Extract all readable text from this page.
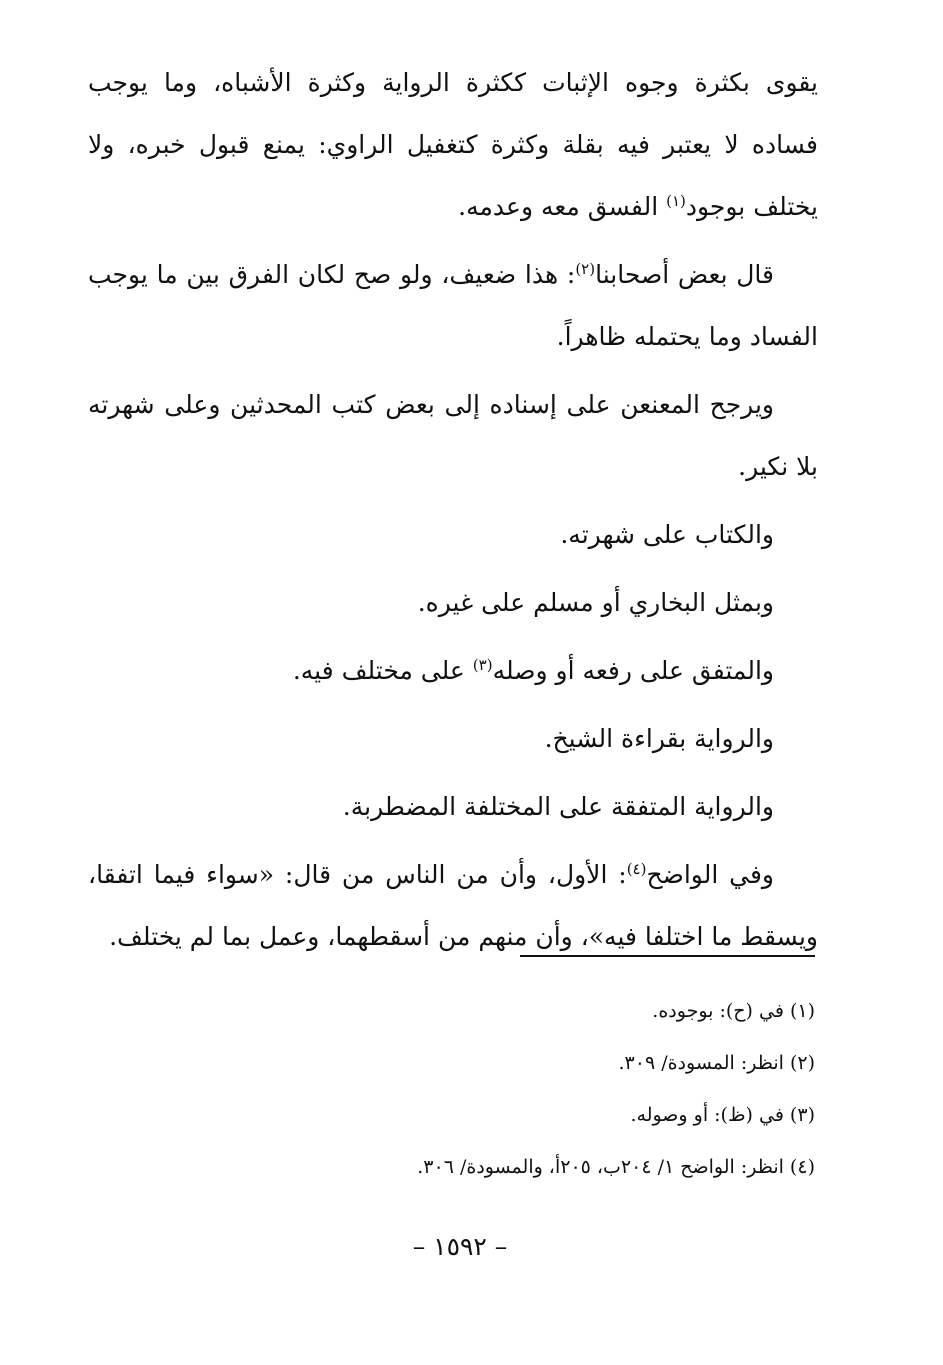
يقوى بكثرة وجوه الإثبات ككثرة الرواية وكثرة الأشباه، وما يوجب فساده لا يعتبر فيه بقلة وكثرة كتغفيل الراوي: يمنع قبول خبره، ولا يختلف بوجود$^{(١)}$ الفسق معه وعدمه.

قال بعض أصحابنا$^{(٢)}$: هذا ضعيف، ولو صح لكان الفرق بين ما يوجب الفساد وما يحتمله ظاهراً.

ويرجح المعنعن على إسناده إلى بعض كتب المحدثين وعلى شهرته بلا نكير.

والكتاب على شهرته.

وبمثل البخاري أو مسلم على غيره.

والمتفق على رفعه أو وصله$^{(٣)}$ على مختلف فيه.

والرواية بقراءة الشيخ.

والرواية المتفقة على المختلفة المضطربة.

وفي الواضح$^{(٤)}$: الأول، وأن من الناس من قال: «سواء فيما اتفقا، ويسقط ما اختلفا فيه»، وأن منهم من أسقطهما، وعمل بما لم يختلف.

(١) في (ح): بوجوده.

(٢) انظر: المسودة/ ٣٠٩.

(٣) في (ظ): أو وصوله.

(٤) انظر: الواضح ١/ ٢٠٤ب، ٢٠٥أ، والمسودة/ ٣٠٦.

– ١٥٩٢ –
